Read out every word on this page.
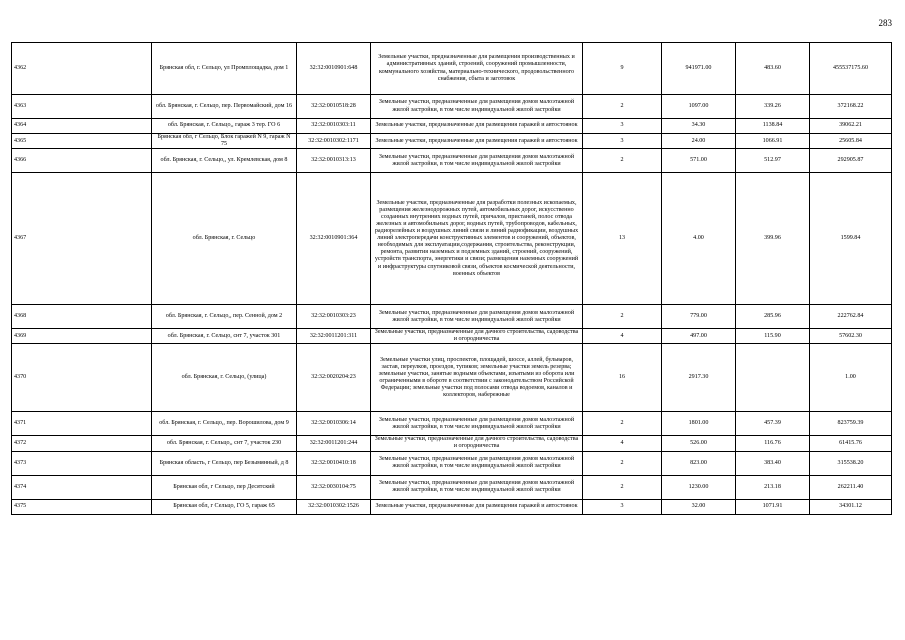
283
4362	Брянская обл, г. Сельцо, ул Промплощадка, дом 1	32:32:0010901:648	Земельные участки, предназначенные для размещения производственных и административных зданий, строений, сооружений промышленности, коммунального хозяйства, материально-технического, продовольственного снабжения, сбыта и заготовок	9	941971.00	483.60	455537175.60
4363	обл. Брянская, г. Сельцо, пер. Первомайский, дом 16	32:32:0010518:28	Земельные участки, предназначенные для размещения домов малоэтажной жилой застройки, в том числе индивидуальной жилой застройки	2	1097.00	339.26	372168.22
4364	обл. Брянская, г. Сельцо,, гараж 3 тер. ГО 6	32:32:0010303:11	Земельные участки, предназначенные для размещения гаражей и автостоянок	3	34.30	1138.84	39062.21
4365	Брянская обл, г Сельцо, Блок гаражей N 9, гараж N 75	32:32:0010302:1171	Земельные участки, предназначенные для размещения гаражей и автостоянок	3	24.00	1066.91	25605.84
4366	обл. Брянская, г. Сельцо,, ул. Кремлевская, дом 8	32:32:0010313:13	Земельные участки, предназначенные для размещения домов малоэтажной жилой застройки, в том числе индивидуальной жилой застройки	2	571.00	512.97	292905.87
4367	обл. Брянская, г. Сельцо	32:32:0010901:364	Земельные участки, предназначенные для разработки полезных ископаемых, размещения железнодорожных путей, автомобильных дорог, искусственно созданных внутренних водных путей, причалов, пристаней, полос отвода железных и автомобильных дорог, водных путей, трубопроводов, кабельных, радиорелейных и воздушных линий связи и линий радиофикации, воздушных линий электропередачи конструктивных элементов и сооружений, объектов, необходимых для эксплуатации,содержания, строительства, реконструкции, ремонта, развития наземных и подземных зданий, строений, сооружений, устройств транспорта, энергетики и связи; размещения наземных сооружений и инфраструктуры спутниковой связи, объектов космической деятельности, военных объектов	13	4.00	399.96	1599.84
4368	обл. Брянская, г. Сельцо,, пер. Сенной, дом 2	32:32:0010303:23	Земельные участки, предназначенные для размещения домов малоэтажной жилой застройки, в том числе индивидуальной жилой застройки	2	779.00	285.96	222762.84
4369	обл. Брянская, г. Сельцо, снт 7, участок 301	32:32:0011201:311	Земельные участки, предназначенные для дачного строительства, садоводства и огородничества	4	497.00	115.90	57602.30
4370	обл. Брянская, г. Сельцо, (улица)	32:32:0020204:23	Земельные участки улиц, проспектов, площадей, шоссе, аллей, бульваров, застав, переулков, проездов, тупиков; земельные участки земель резерва; земельные участки, занятые водными объектами, изъятыми из оборота или ограниченными в обороте в соответствии с законодательством Российской Федерации; земельные участки под полосами отвода водоемов, каналов и коллекторов, набережные	16	2917.30		1.00
4371	обл. Брянская, г. Сельцо,, пер. Ворошилова, дом 9	32:32:0010306:14	Земельные участки, предназначенные для размещения домов малоэтажной жилой застройки, в том числе индивидуальной жилой застройки	2	1801.00	457.39	823759.39
4372	обл. Брянская, г. Сельцо,, снт 7, участок 230	32:32:0011201:244	Земельные участки, предназначенные для дачного строительства, садоводства и огородничества	4	526.00	116.76	61415.76
4373	Брянская область, г Сельцо, пер Безымянный, д 8	32:32:0010410:18	Земельные участки, предназначенные для размещения домов малоэтажной жилой застройки, в том числе индивидуальной жилой застройки	2	823.00	383.40	315538.20
4374	Брянская обл, г Сельцо, пер Десятский	32:32:0030104:75	Земельные участки, предназначенные для размещения домов малоэтажной жилой застройки, в том числе индивидуальной жилой застройки	2	1230.00	213.18	262211.40
4375	Брянская обл, г Сельцо, ГО 5, гараж 65	32:32:0010302:1526	Земельные участки, предназначенные для размещения гаражей и автостоянок	3	32.00	1071.91	34301.12
